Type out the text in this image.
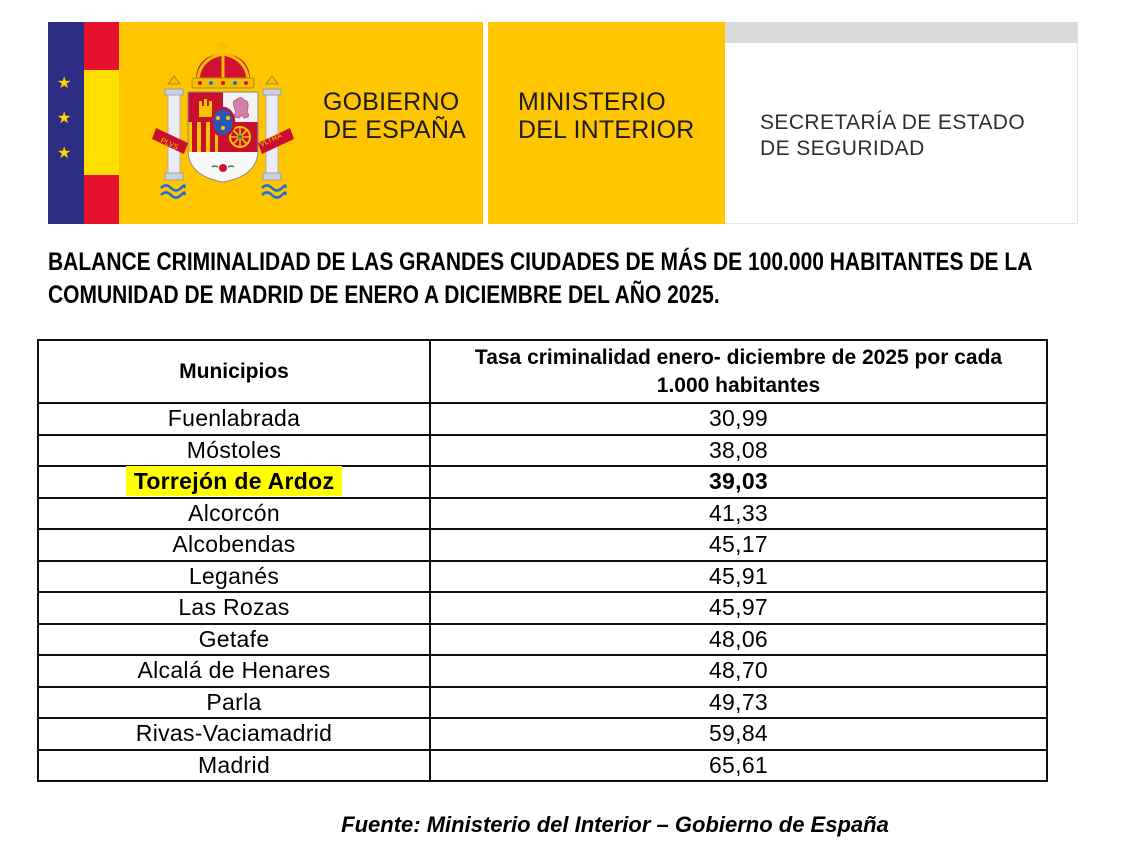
★
★
★
PLVS	VLTRA
GOBIERNO
DE ESPAÑA
MINISTERIO
DEL INTERIOR	SECRETARÍA DE ESTADO
DE SEGURIDAD
BALANCE CRIMINALIDAD DE LAS GRANDES CIUDADES DE MÁS DE 100.000 HABITANTES DE LA
COMUNIDAD DE MADRID DE ENERO A DICIEMBRE DEL AÑO 2025.
Municipios	Tasa criminalidad enero- diciembre de 2025 por cada
1.000 habitantes

Fuenlabrada	30,99
Móstoles	38,08
Torrejón de Ardoz	39,03
Alcorcón	41,33
Alcobendas	45,17
Leganés	45,91
Las Rozas	45,97
Getafe	48,06
Alcalá de Henares	48,70
Parla	49,73
Rivas-Vaciamadrid	59,84
Madrid	65,61
Fuente: Ministerio del Interior – Gobierno de España
